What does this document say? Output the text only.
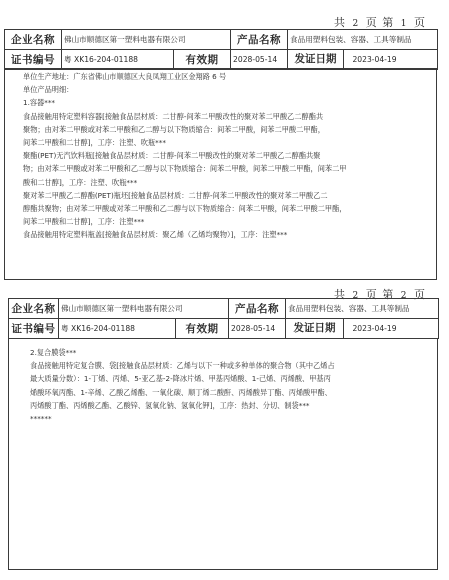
共 2 页 第 1 页
企业名称	佛山市顺德区第一塑料电器有限公司		产品名称	食品用塑料包装、容器、工具等制品
证书编号	粤 XK16-204-01188	有效期	2028-05-14	发证日期 2023-04-19
单位生产地址：广东省佛山市顺德区大良凤翔工业区金翔路 6 号
单位产品明细：
1.容器***
食品接触用特定塑料容器[接触食品层材质：二甘醇-间苯二甲酸改性的聚对苯二甲酸乙二醇酯共
聚物；由对苯二甲酸或对苯二甲酸和乙二醇与以下物质缩合：间苯二甲酸，间苯二甲酸二甲酯，
间苯二甲酸和二甘醇]，工序：注塑、吹瓶***
聚酯(PET)无汽饮料瓶[接触食品层材质：二甘醇-间苯二甲酸改性的聚对苯二甲酸乙二醇酯共聚
物；由对苯二甲酸或对苯二甲酸和乙二醇与以下物质缩合：间苯二甲酸，间苯二甲酸二甲酯，间苯二甲
酸和二甘醇]，工序：注塑、吹瓶***
聚对苯二甲酸乙二醇酯(PET)瓶坯[接触食品层材质：二甘醇-间苯二甲酸改性的聚对苯二甲酸乙二
醇酯共聚物；由对苯二甲酸或对苯二甲酸和乙二醇与以下物质缩合：间苯二甲酸，间苯二甲酸二甲酯，
间苯二甲酸和二甘醇]，工序：注塑***
食品接触用特定塑料瓶盖[接触食品层材质：聚乙烯（乙烯均聚物）]，工序：注塑***
共 2 页 第 2 页
企业名称	佛山市顺德区第一塑料电器有限公司		产品名称	食品用塑料包装、容器、工具等制品
证书编号	粤 XK16-204-01188	有效期	2028-05-14	发证日期 2023-04-19
2.复合膜袋***
食品接触用特定复合膜、袋[接触食品层材质：乙烯与以下一种或多种单体的聚合物（其中乙烯占
最大质量分数）：1-丁烯、丙烯、5-亚乙基-2-降冰片烯、甲基丙烯酸、1-己烯、丙烯酸、甲基丙
烯酸环氧丙酯、1-辛烯、乙酸乙烯酯、一氧化碳、顺丁烯二酸酐、丙烯酸异丁酯、丙烯酸甲酯、
丙烯酸丁酯、丙烯酸乙酯、乙酸锌、氢氧化钠、氢氧化钾]，工序：热封、分切、制袋***
******
